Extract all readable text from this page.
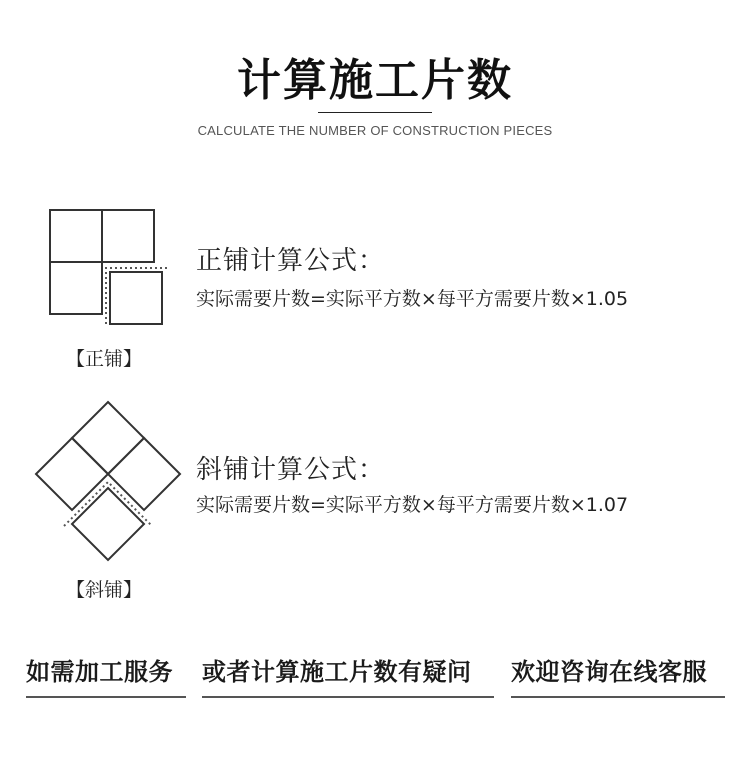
计算施工片数
CALCULATE THE NUMBER OF CONSTRUCTION PIECES
【正铺】
正铺计算公式：
实际需要片数=实际平方数×每平方需要片数×1.05
【斜铺】
斜铺计算公式：
实际需要片数=实际平方数×每平方需要片数×1.07
如需加工服务	或者计算施工片数有疑问	欢迎咨询在线客服
